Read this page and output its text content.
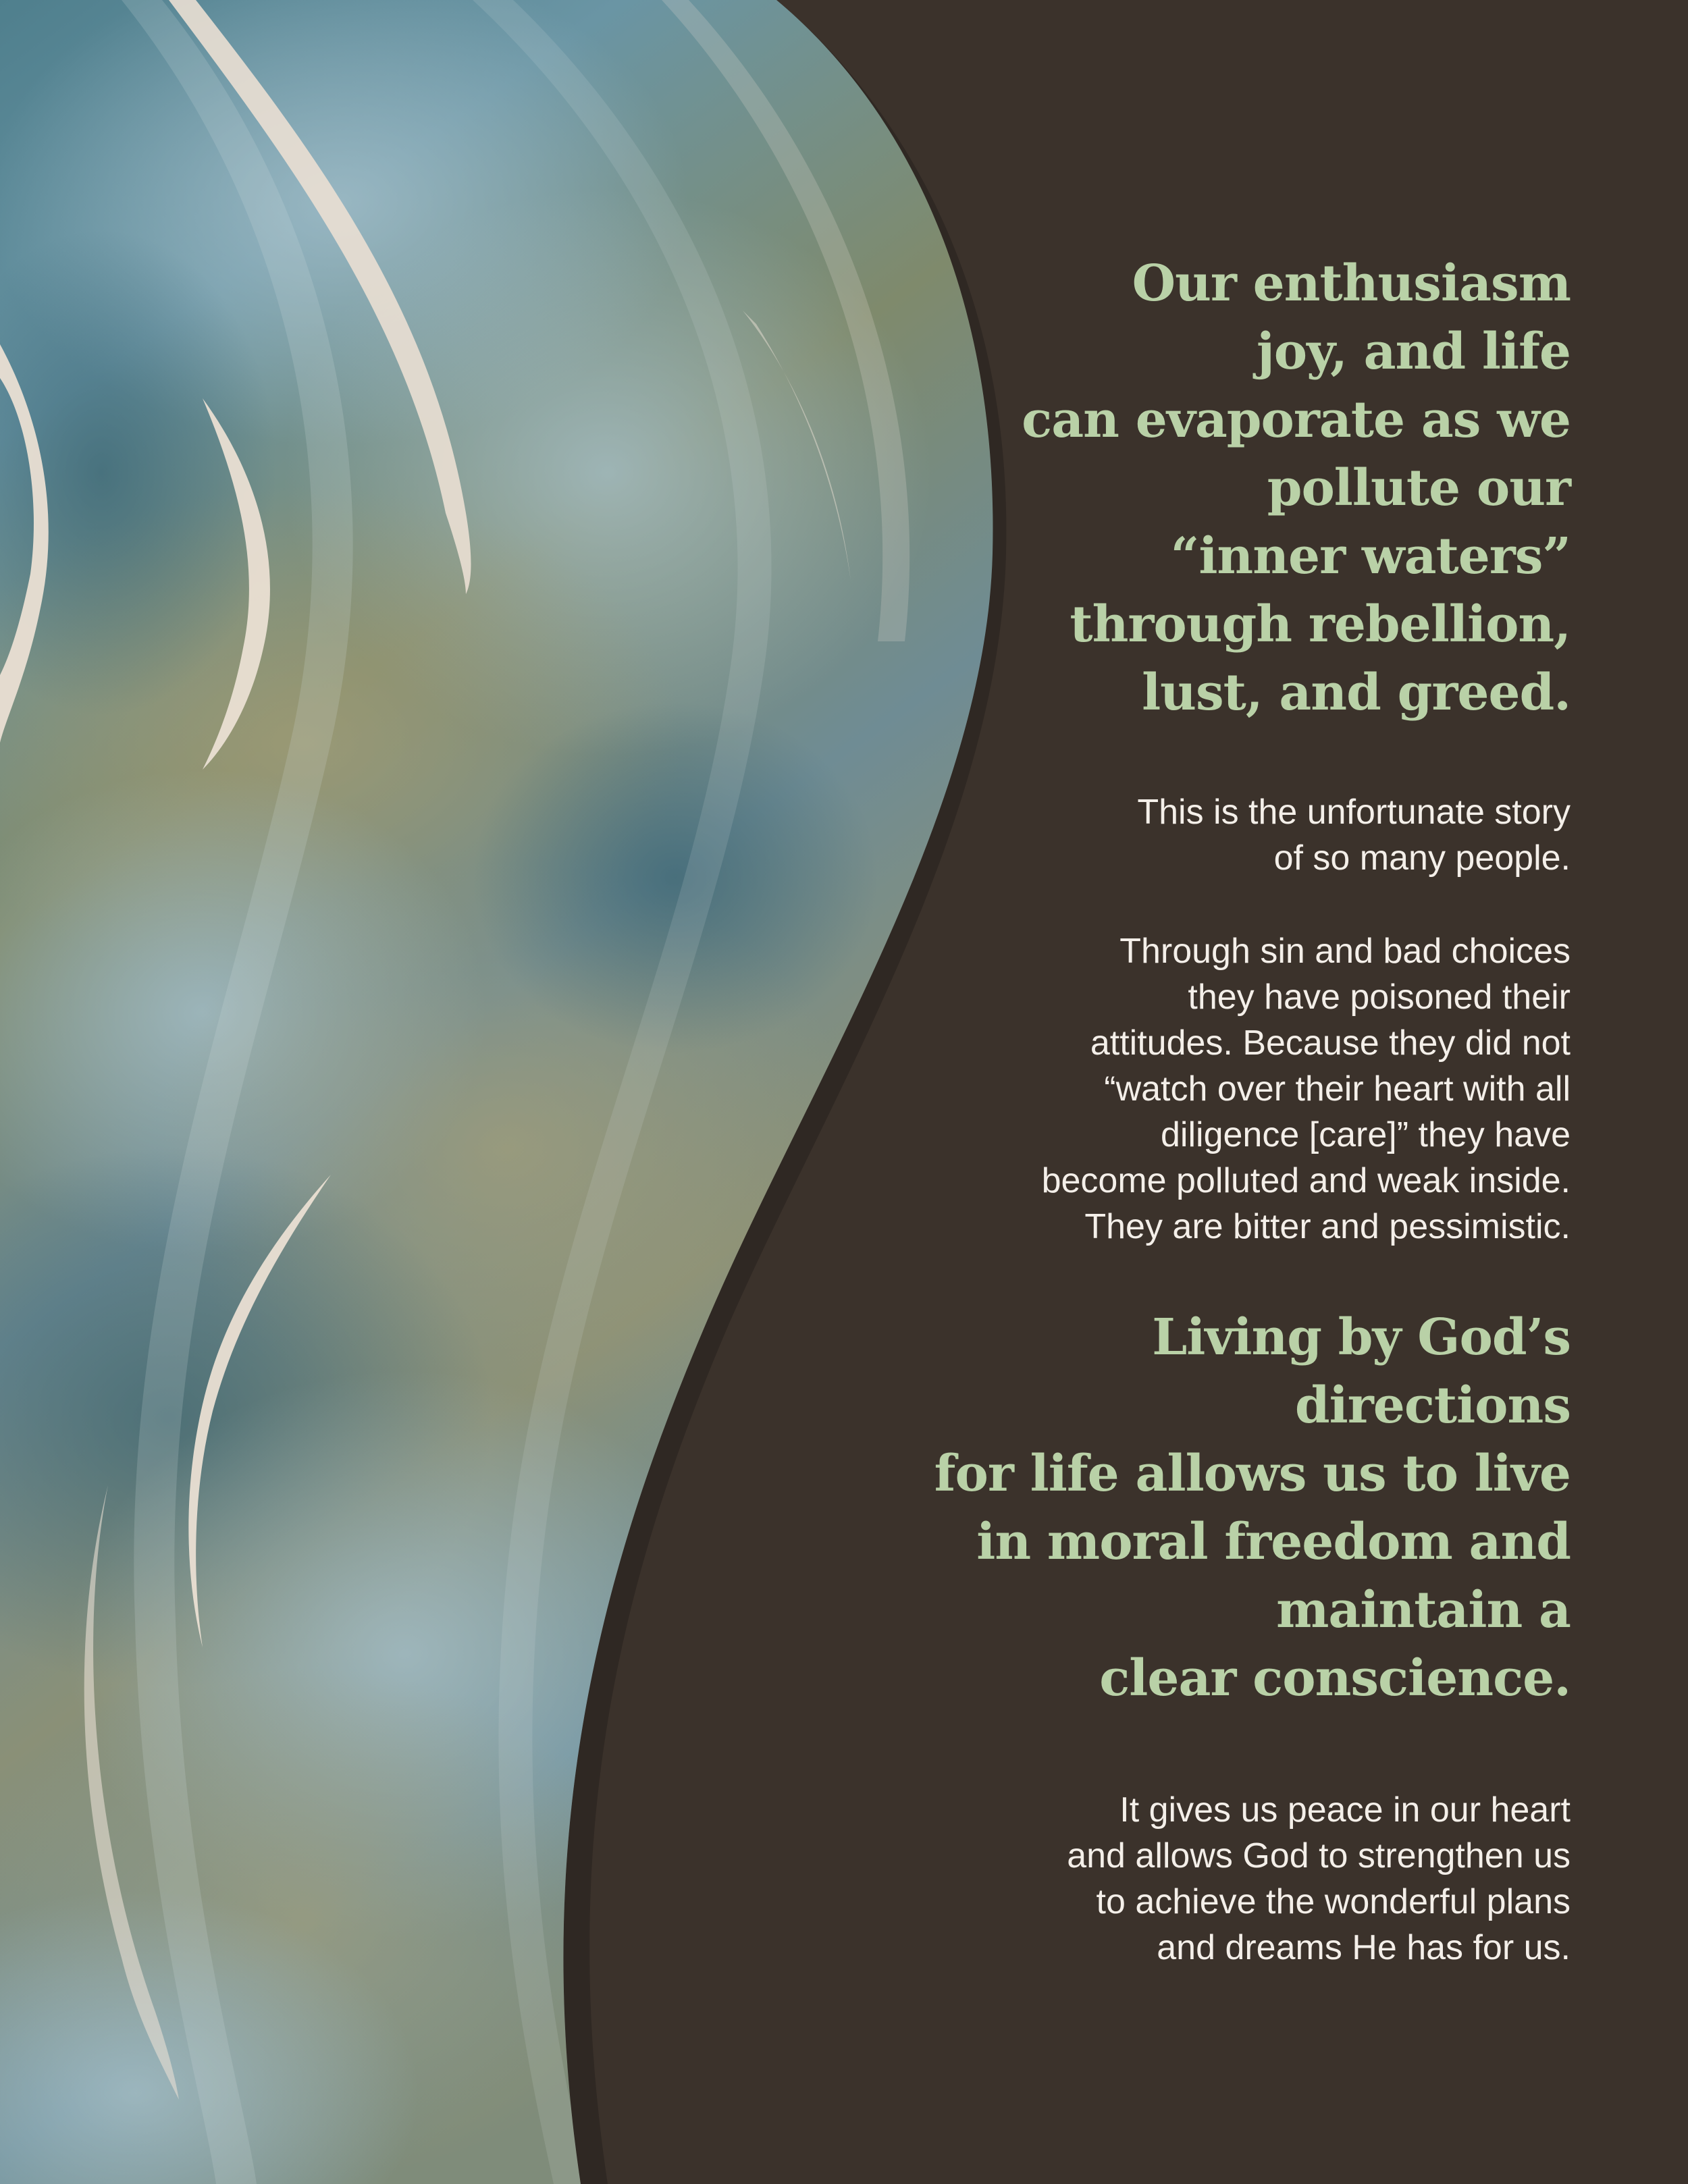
Our enthusiasm
joy, and life
can evaporate as we
pollute our
“inner waters”
through rebellion,
lust, and greed.

This is the unfortunate story
of so many people.

Through sin and bad choices
they have poisoned their
attitudes. Because they did not
“watch over their heart with all
diligence [care]” they have
become polluted and weak inside.
They are bitter and pessimistic.

Living by God’s
directions
for life allows us to live
in moral freedom and
maintain a
clear conscience.

It gives us peace in our heart
and allows God to strengthen us
to achieve the wonderful plans
and dreams He has for us.
